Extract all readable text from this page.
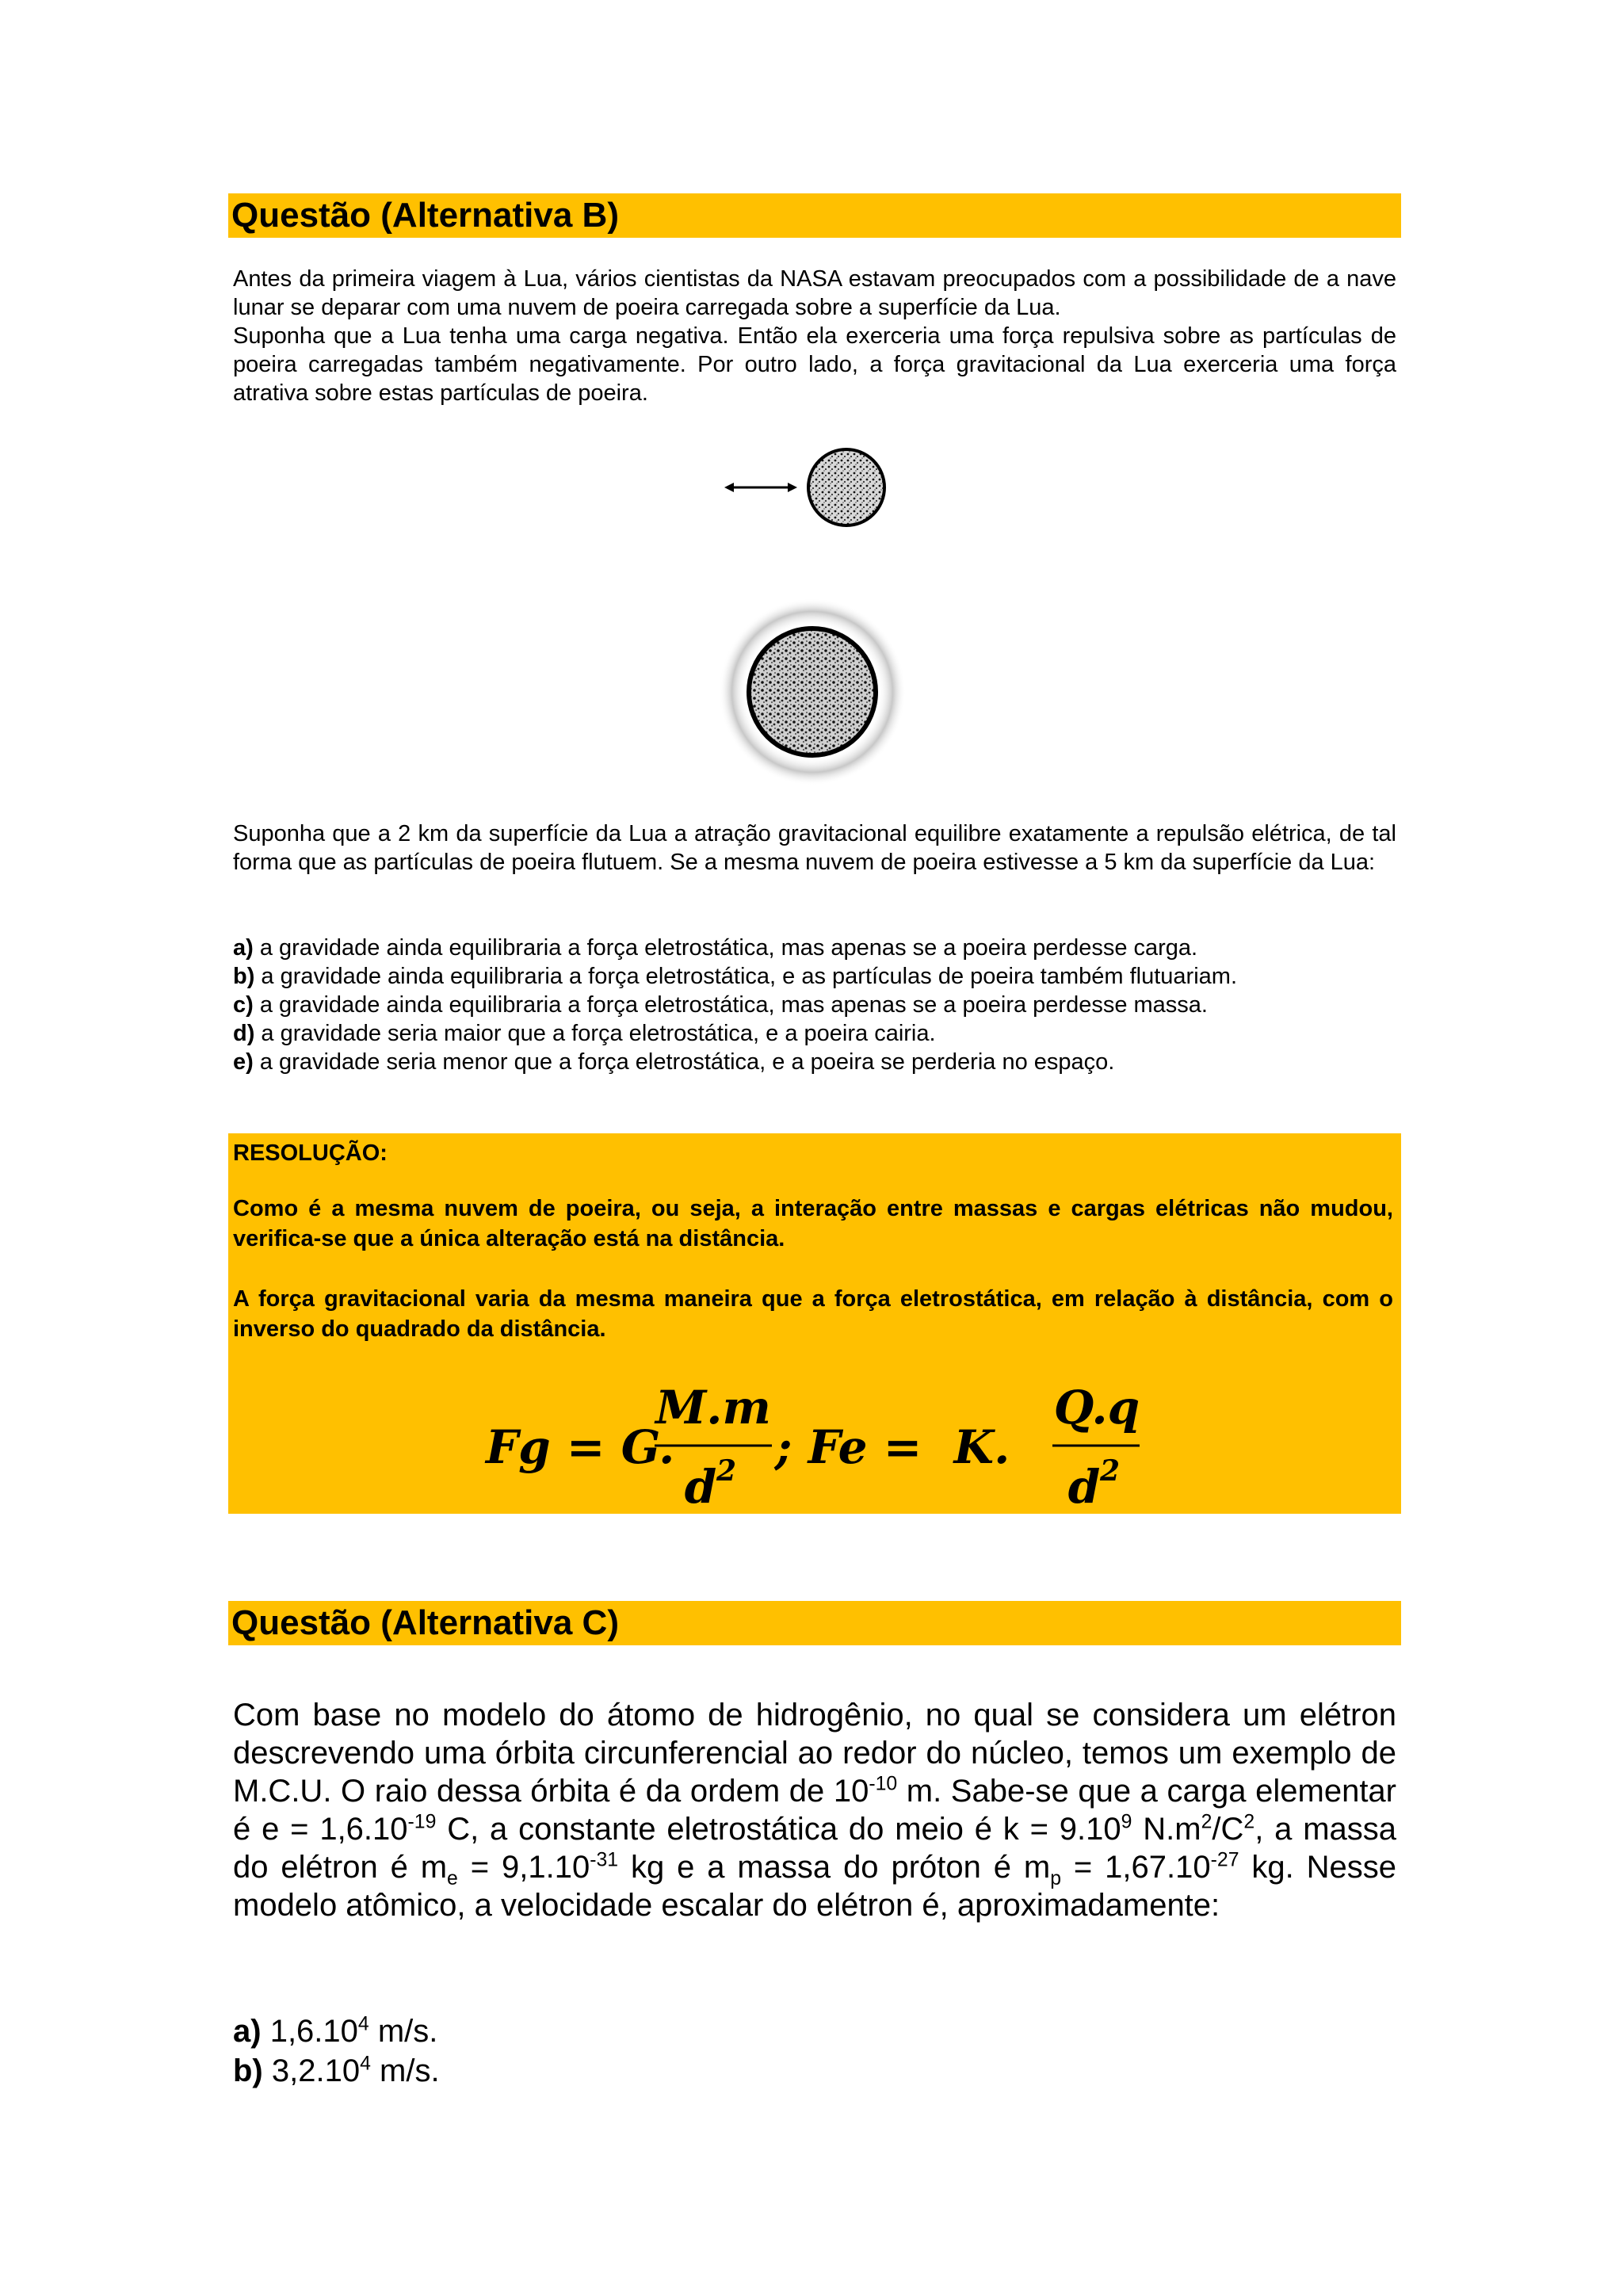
Questão (Alternativa B)

Antes da primeira viagem à Lua, vários cientistas da NASA estavam preocupados com a possibilidade de a nave lunar se deparar com uma nuvem de poeira carregada sobre a superfície da Lua.

Suponha que a Lua tenha uma carga negativa. Então ela exerceria uma força repulsiva sobre as partículas de poeira carregadas também negativamente. Por outro lado, a força gravitacional da Lua exerceria uma força atrativa sobre estas partículas de poeira.

Suponha que a 2 km da superfície da Lua a atração gravitacional equilibre exatamente a repulsão elétrica, de tal forma que as partículas de poeira flutuem. Se a mesma nuvem de poeira estivesse a 5 km da superfície da Lua:

a) a gravidade ainda equilibraria a força eletrostática, mas apenas se a poeira perdesse carga.

b) a gravidade ainda equilibraria a força eletrostática, e as partículas de poeira também flutuariam.

c) a gravidade ainda equilibraria a força eletrostática, mas apenas se a poeira perdesse massa.

d) a gravidade seria maior que a força eletrostática, e a poeira cairia.

e) a gravidade seria menor que a força eletrostática, e a poeira se perderia no espaço.

RESOLUÇÃO:
Como é a mesma nuvem de poeira, ou seja, a interação entre massas e cargas elétricas não mudou, verifica-se que a única alteração está na distância.
A força gravitacional varia da mesma maneira que a força eletrostática, em relação à distância, com o inverso do quadrado da distância.
Fg = G.
M.m
d 2 ; Fe =  K.
Q.q
d 2
Questão (Alternativa C)

Com base no modelo do átomo de hidrogênio, no qual se considera um elétron descrevendo uma órbita circunferencial ao redor do núcleo, temos um exemplo de M.C.U. O raio dessa órbita é da ordem de $10^{-10}$ m. Sabe-se que a carga elementar é $e = 1,6.10^{-19}$ C, a constante eletrostática do meio é $k = 9.10^9$ $N.m^2/C^2$, a massa do elétron é $m_e = 9,1.10^{-31}$ kg e a massa do próton é $m_p = 1,67.10^{-27}$ kg. Nesse modelo atômico, a velocidade escalar do elétron é, aproximadamente:

a) 1,6.10$^4$ m/s.

b) 3,2.10$^4$ m/s.
